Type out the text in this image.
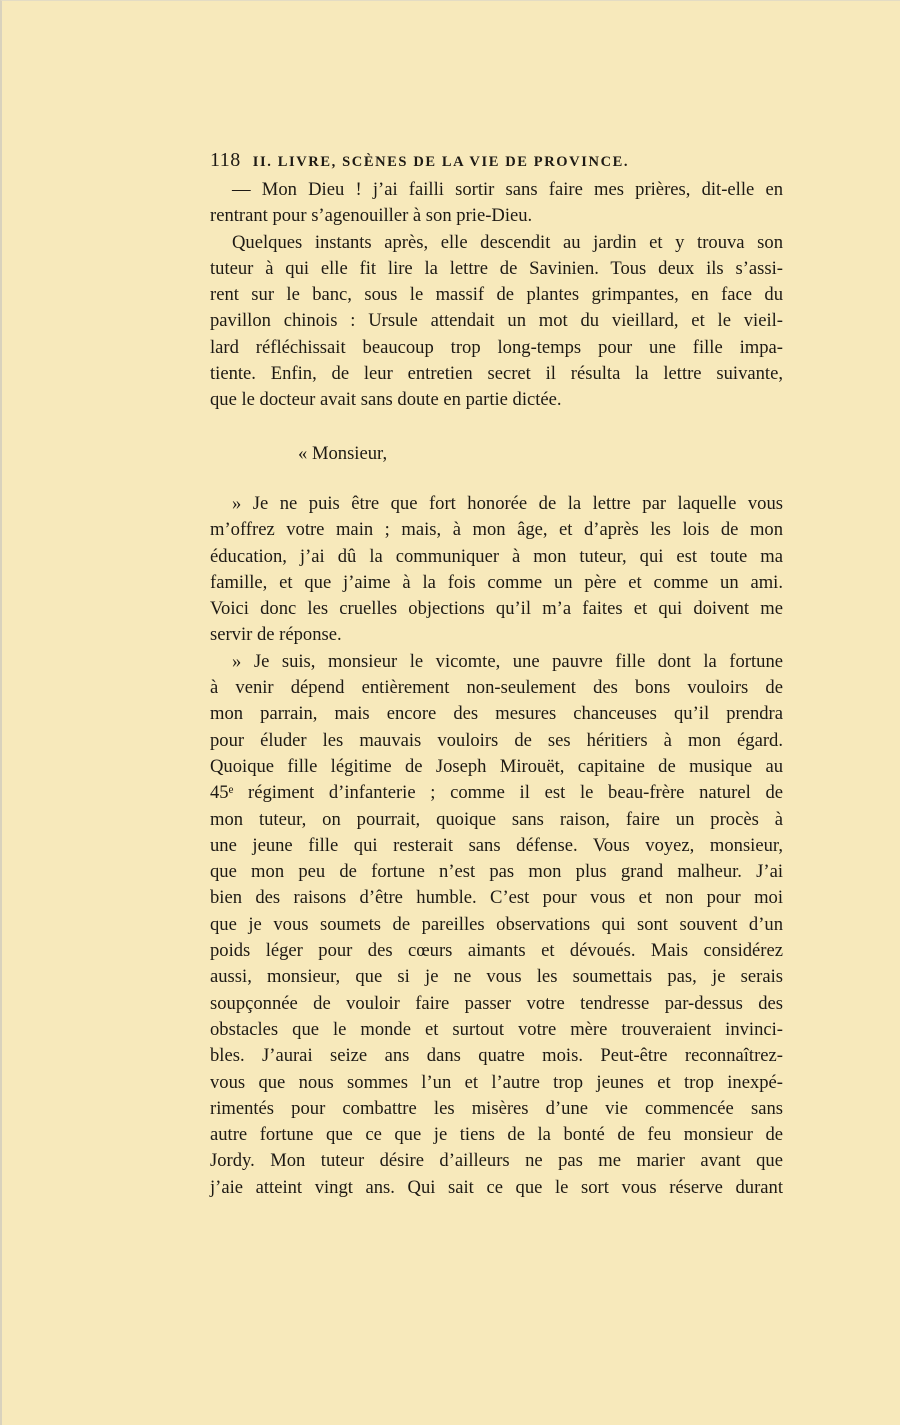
118 II. LIVRE, SCÈNES DE LA VIE DE PROVINCE.
— Mon Dieu ! j’ai failli sortir sans faire mes prières, dit-elle en
rentrant pour s’agenouiller à son prie-Dieu.
Quelques instants après, elle descendit au jardin et y trouva son
tuteur à qui elle fit lire la lettre de Savinien. Tous deux ils s’assi-
rent sur le banc, sous le massif de plantes grimpantes, en face du
pavillon chinois : Ursule attendait un mot du vieillard, et le vieil-
lard réfléchissait beaucoup trop long-temps pour une fille impa-
tiente. Enfin, de leur entretien secret il résulta la lettre suivante,
que le docteur avait sans doute en partie dictée.
« Monsieur,
» Je ne puis être que fort honorée de la lettre par laquelle vous
m’offrez votre main ; mais, à mon âge, et d’après les lois de mon
éducation, j’ai dû la communiquer à mon tuteur, qui est toute ma
famille, et que j’aime à la fois comme un père et comme un ami.
Voici donc les cruelles objections qu’il m’a faites et qui doivent me
servir de réponse.
» Je suis, monsieur le vicomte, une pauvre fille dont la fortune
à venir dépend entièrement non-seulement des bons vouloirs de
mon parrain, mais encore des mesures chanceuses qu’il prendra
pour éluder les mauvais vouloirs de ses héritiers à mon égard.
Quoique fille légitime de Joseph Mirouët, capitaine de musique au
45ᵉ régiment d’infanterie ; comme il est le beau-frère naturel de
mon tuteur, on pourrait, quoique sans raison, faire un procès à
une jeune fille qui resterait sans défense. Vous voyez, monsieur,
que mon peu de fortune n’est pas mon plus grand malheur. J’ai
bien des raisons d’être humble. C’est pour vous et non pour moi
que je vous soumets de pareilles observations qui sont souvent d’un
poids léger pour des cœurs aimants et dévoués. Mais considérez
aussi, monsieur, que si je ne vous les soumettais pas, je serais
soupçonnée de vouloir faire passer votre tendresse par-dessus des
obstacles que le monde et surtout votre mère trouveraient invinci-
bles. J’aurai seize ans dans quatre mois. Peut-être reconnaîtrez-
vous que nous sommes l’un et l’autre trop jeunes et trop inexpé-
rimentés pour combattre les misères d’une vie commencée sans
autre fortune que ce que je tiens de la bonté de feu monsieur de
Jordy. Mon tuteur désire d’ailleurs ne pas me marier avant que
j’aie atteint vingt ans. Qui sait ce que le sort vous réserve durant
